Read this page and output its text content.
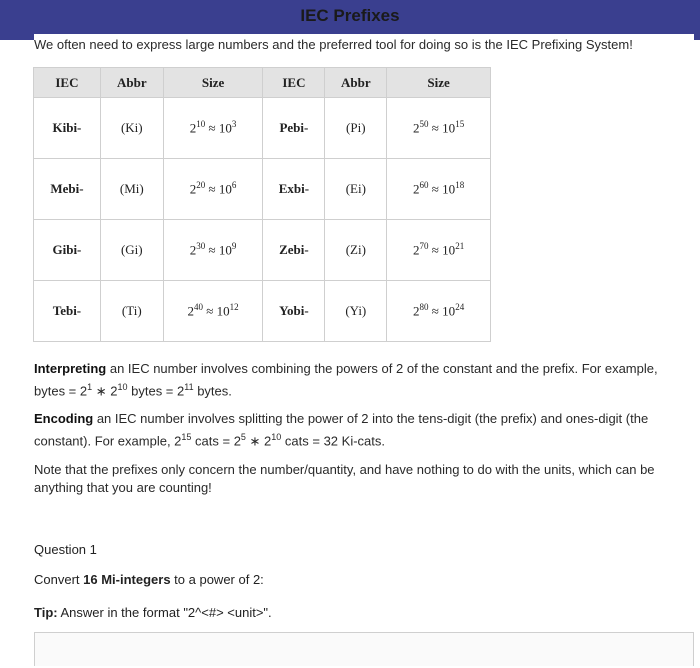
IEC Prefixes
We often need to express large numbers and the preferred tool for doing so is the IEC Prefixing System!
IEC	Abbr	Size	IEC	Abbr	Size
Kibi-	(Ki)	$2^{10} \approx 10^3$	Pebi-	(Pi)	$2^{50} \approx 10^{15}$
Mebi-	(Mi)	$2^{20} \approx 10^6$	Exbi-	(Ei)	$2^{60} \approx 10^{18}$
Gibi-	(Gi)	$2^{30} \approx 10^9$	Zebi-	(Zi)	$2^{70} \approx 10^{21}$
Tebi-	(Ti)	$2^{40} \approx 10^{12}$	Yobi-	(Yi)	$2^{80} \approx 10^{24}$
Interpreting an IEC number involves combining the powers of 2 of the constant and the prefix. For example,
bytes = $2^1$ ∗ $2^{10}$ bytes = $2^{11}$ bytes.
Encoding an IEC number involves splitting the power of 2 into the tens-digit (the prefix) and ones-digit (the
constant). For example, $2^{15}$ cats = $2^5$ ∗ $2^{10}$ cats = 32 Ki-cats.
Note that the prefixes only concern the number/quantity, and have nothing to do with the units, which can be
anything that you are counting!
Question 1
Convert 16 Mi-integers to a power of 2:
Tip: Answer in the format "2^<#> <unit>".
